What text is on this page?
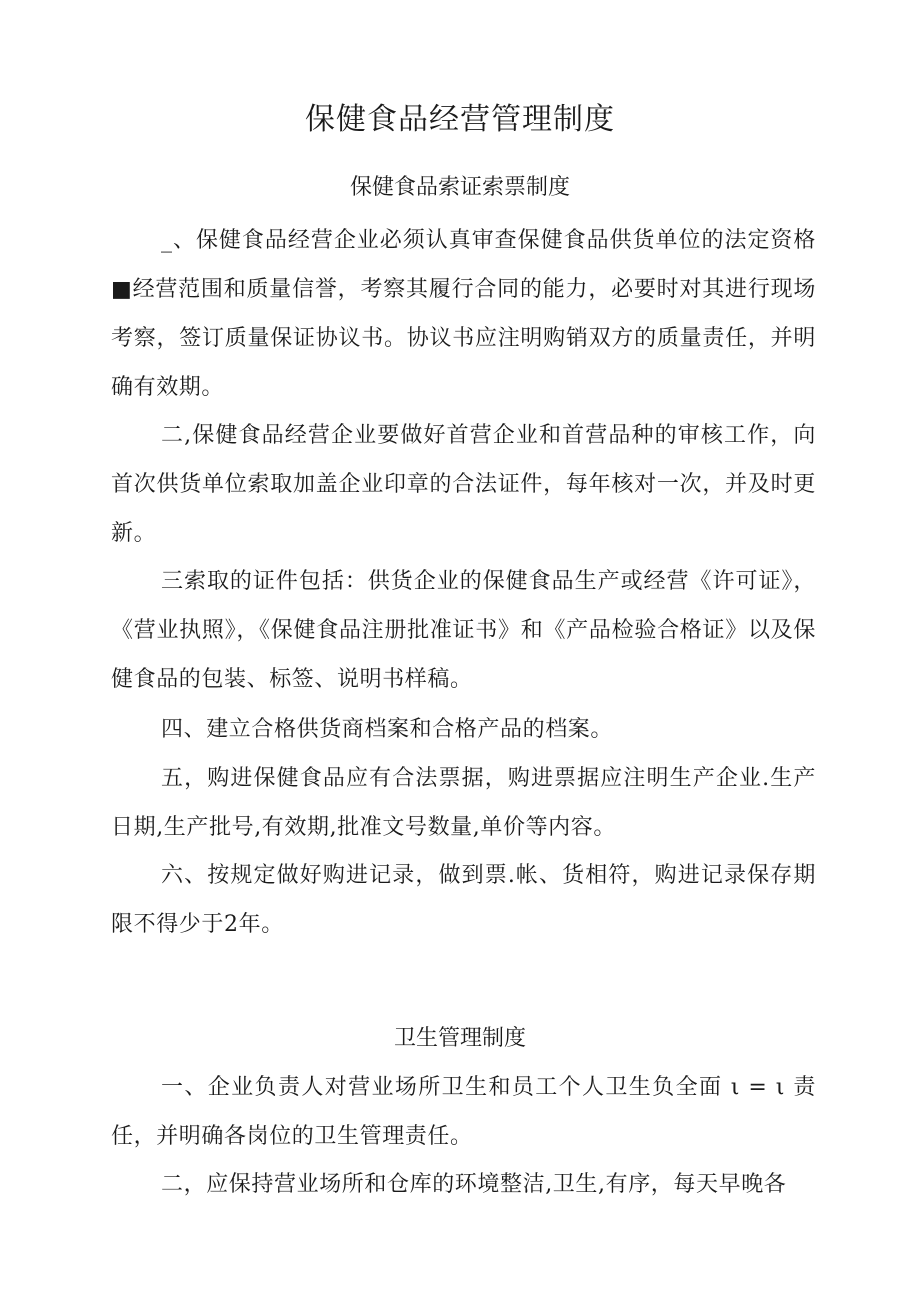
保健食品经营管理制度
保健食品索证索票制度

_、保健食品经营企业必须认真审查保健食品供货单位的法定资格■经营范围和质量信誉，考察其履行合同的能力，必要时对其进行现场考察，签订质量保证协议书。协议书应注明购销双方的质量责任，并明确有效期。

二,保健食品经营企业要做好首营企业和首营品种的审核工作，向首次供货单位索取加盖企业印章的合法证件，每年核对一次，并及时更新。

三索取的证件包括：供货企业的保健食品生产或经营《许可证》，《营业执照》，《保健食品注册批准证书》和《产品检验合格证》以及保健食品的包装、标签、说明书样稿。

四、建立合格供货商档案和合格产品的档案。

五，购进保健食品应有合法票据，购进票据应注明生产企业.生产日期,生产批号,有效期,批准文号数量,单价等内容。

六、按规定做好购进记录，做到票.帐、货相符，购进记录保存期限不得少于2年。

卫生管理制度

一、企业负责人对营业场所卫生和员工个人卫生负全面 ι = ι 责任，并明确各岗位的卫生管理责任。

二，应保持营业场所和仓库的环境整洁,卫生,有序，每天早晚各
